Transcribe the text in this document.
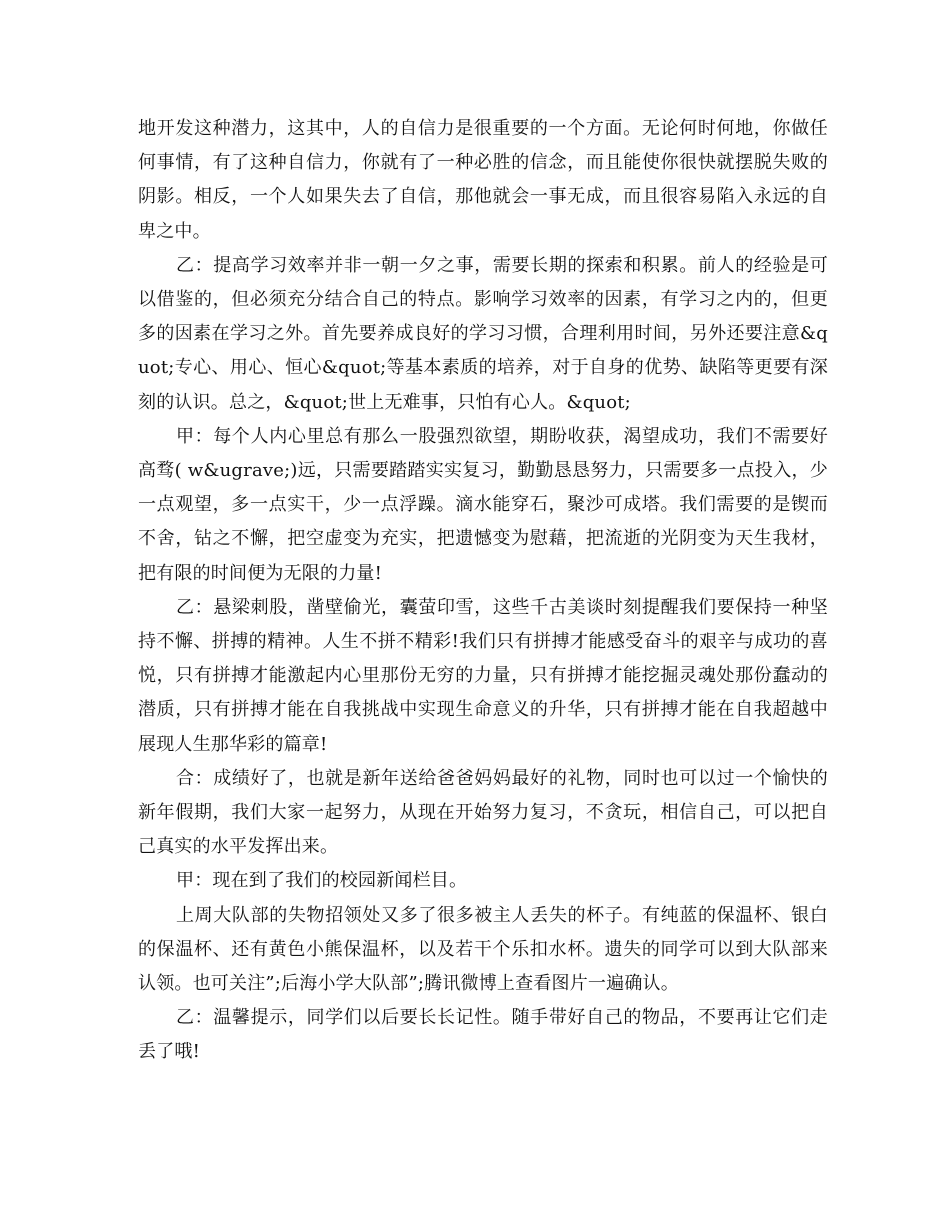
地开发这种潜力，这其中，人的自信力是很重要的一个方面。无论何时何地，你做任何事情，有了这种自信力，你就有了一种必胜的信念，而且能使你很快就摆脱失败的阴影。相反，一个人如果失去了自信，那他就会一事无成，而且很容易陷入永远的自卑之中。

乙：提高学习效率并非一朝一夕之事，需要长期的探索和积累。前人的经验是可以借鉴的，但必须充分结合自己的特点。影响学习效率的因素，有学习之内的，但更多的因素在学习之外。首先要养成良好的学习习惯，合理利用时间，另外还要注意&quot;专心、用心、恒心&quot;等基本素质的培养，对于自身的优势、缺陷等更要有深刻的认识。总之，&quot;世上无难事，只怕有心人。&quot;

甲：每个人内心里总有那么一股强烈欲望，期盼收获，渴望成功，我们不需要好高骛( w&ugrave;)远，只需要踏踏实实复习，勤勤恳恳努力，只需要多一点投入，少一点观望，多一点实干，少一点浮躁。滴水能穿石，聚沙可成塔。我们需要的是锲而不舍，钻之不懈，把空虚变为充实，把遗憾变为慰藉，把流逝的光阴变为天生我材，把有限的时间便为无限的力量!

乙：悬梁刺股，凿壁偷光，囊萤印雪，这些千古美谈时刻提醒我们要保持一种坚持不懈、拼搏的精神。人生不拼不精彩!我们只有拼搏才能感受奋斗的艰辛与成功的喜悦，只有拼搏才能激起内心里那份无穷的力量，只有拼搏才能挖掘灵魂处那份蠢动的潜质，只有拼搏才能在自我挑战中实现生命意义的升华，只有拼搏才能在自我超越中展现人生那华彩的篇章!

合：成绩好了，也就是新年送给爸爸妈妈最好的礼物，同时也可以过一个愉快的新年假期，我们大家一起努力，从现在开始努力复习，不贪玩，相信自己，可以把自己真实的水平发挥出来。

甲：现在到了我们的校园新闻栏目。

上周大队部的失物招领处又多了很多被主人丢失的杯子。有纯蓝的保温杯、银白的保温杯、还有黄色小熊保温杯，以及若干个乐扣水杯。遗失的同学可以到大队部来认领。也可关注”;后海小学大队部”;腾讯微博上查看图片一遍确认。

乙：温馨提示，同学们以后要长长记性。随手带好自己的物品，不要再让它们走丢了哦!
